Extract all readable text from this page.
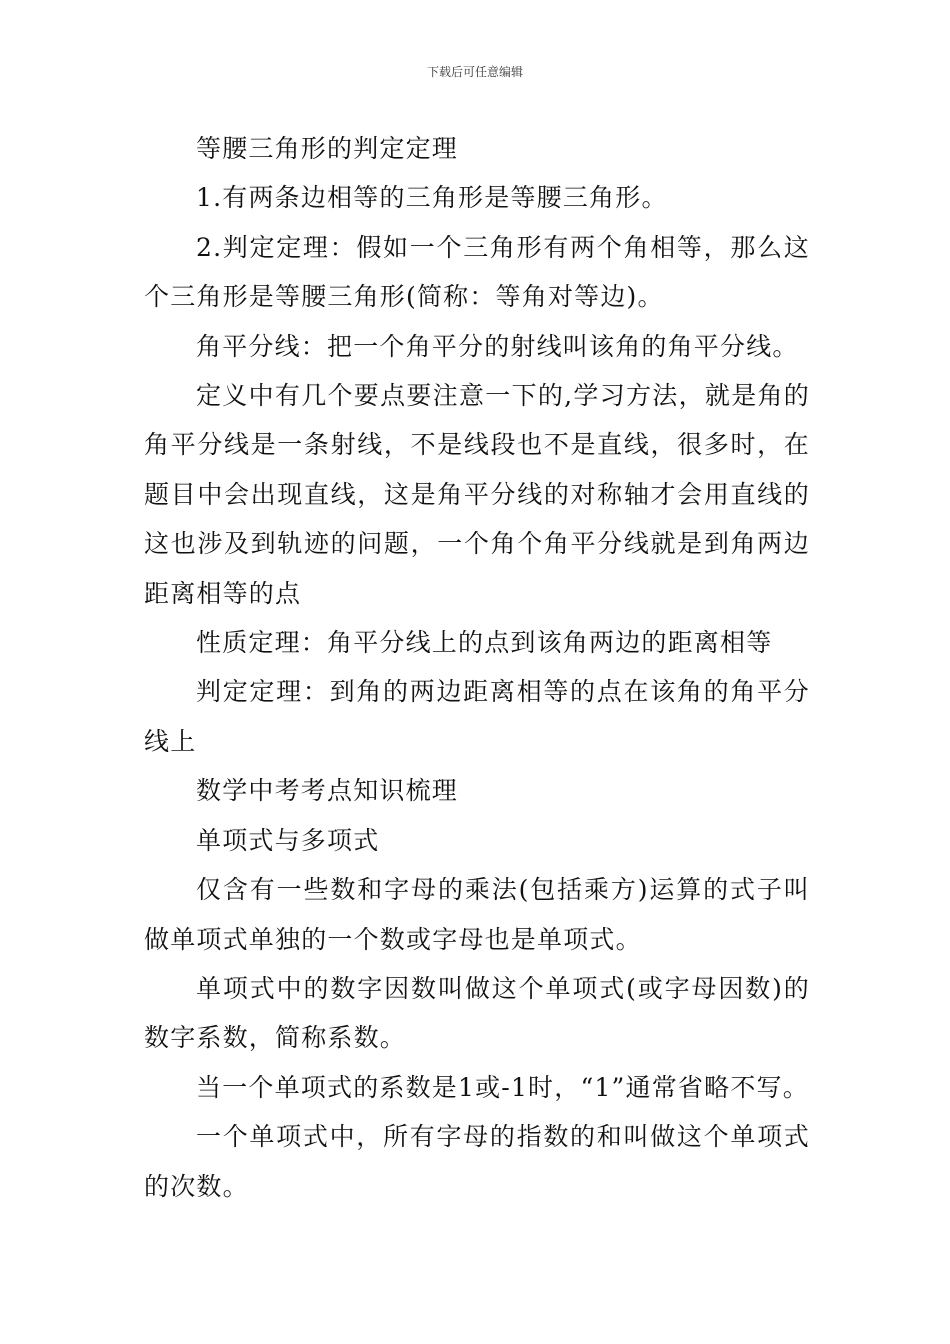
下载后可任意编辑

等腰三角形的判定定理

1.有两条边相等的三角形是等腰三角形。

2.判定定理：假如一个三角形有两个角相等，那么这个三角形是等腰三角形(简称：等角对等边)。

角平分线：把一个角平分的射线叫该角的角平分线。

定义中有几个要点要注意一下的,学习方法，就是角的角平分线是一条射线，不是线段也不是直线，很多时，在题目中会出现直线，这是角平分线的对称轴才会用直线的这也涉及到轨迹的问题，一个角个角平分线就是到角两边距离相等的点

性质定理：角平分线上的点到该角两边的距离相等

判定定理：到角的两边距离相等的点在该角的角平分线上

数学中考考点知识梳理

单项式与多项式

仅含有一些数和字母的乘法(包括乘方)运算的式子叫做单项式单独的一个数或字母也是单项式。

单项式中的数字因数叫做这个单项式(或字母因数)的数字系数，简称系数。

当一个单项式的系数是1或-1时，“1”通常省略不写。

一个单项式中，所有字母的指数的和叫做这个单项式的次数。
